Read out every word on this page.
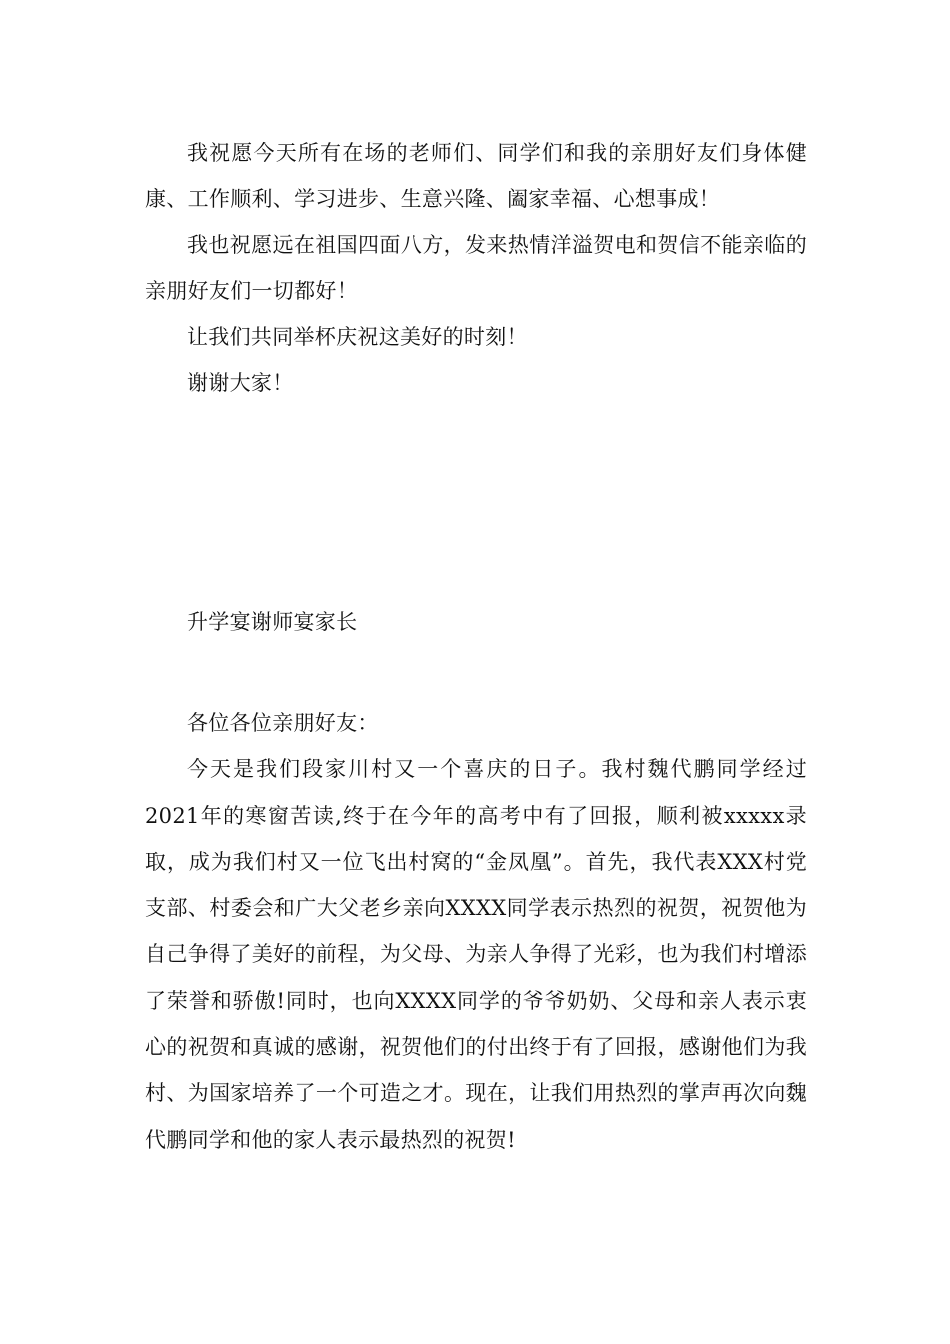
我祝愿今天所有在场的老师们、同学们和我的亲朋好友们身体健康、工作顺利、学习进步、生意兴隆、阖家幸福、心想事成！

我也祝愿远在祖国四面八方，发来热情洋溢贺电和贺信不能亲临的亲朋好友们一切都好！

让我们共同举杯庆祝这美好的时刻！

谢谢大家！

升学宴谢师宴家长

各位各位亲朋好友：

今天是我们段家川村又一个喜庆的日子。我村魏代鹏同学经过2021年的寒窗苦读,终于在今年的高考中有了回报，顺利被xxxxx录取，成为我们村又一位飞出村窝的“金凤凰”。首先，我代表XXX村党支部、村委会和广大父老乡亲向XXXX同学表示热烈的祝贺，祝贺他为自己争得了美好的前程，为父母、为亲人争得了光彩，也为我们村增添了荣誉和骄傲!同时，也向XXXX同学的爷爷奶奶、父母和亲人表示衷心的祝贺和真诚的感谢，祝贺他们的付出终于有了回报，感谢他们为我村、为国家培养了一个可造之才。现在，让我们用热烈的掌声再次向魏代鹏同学和他的家人表示最热烈的祝贺!
